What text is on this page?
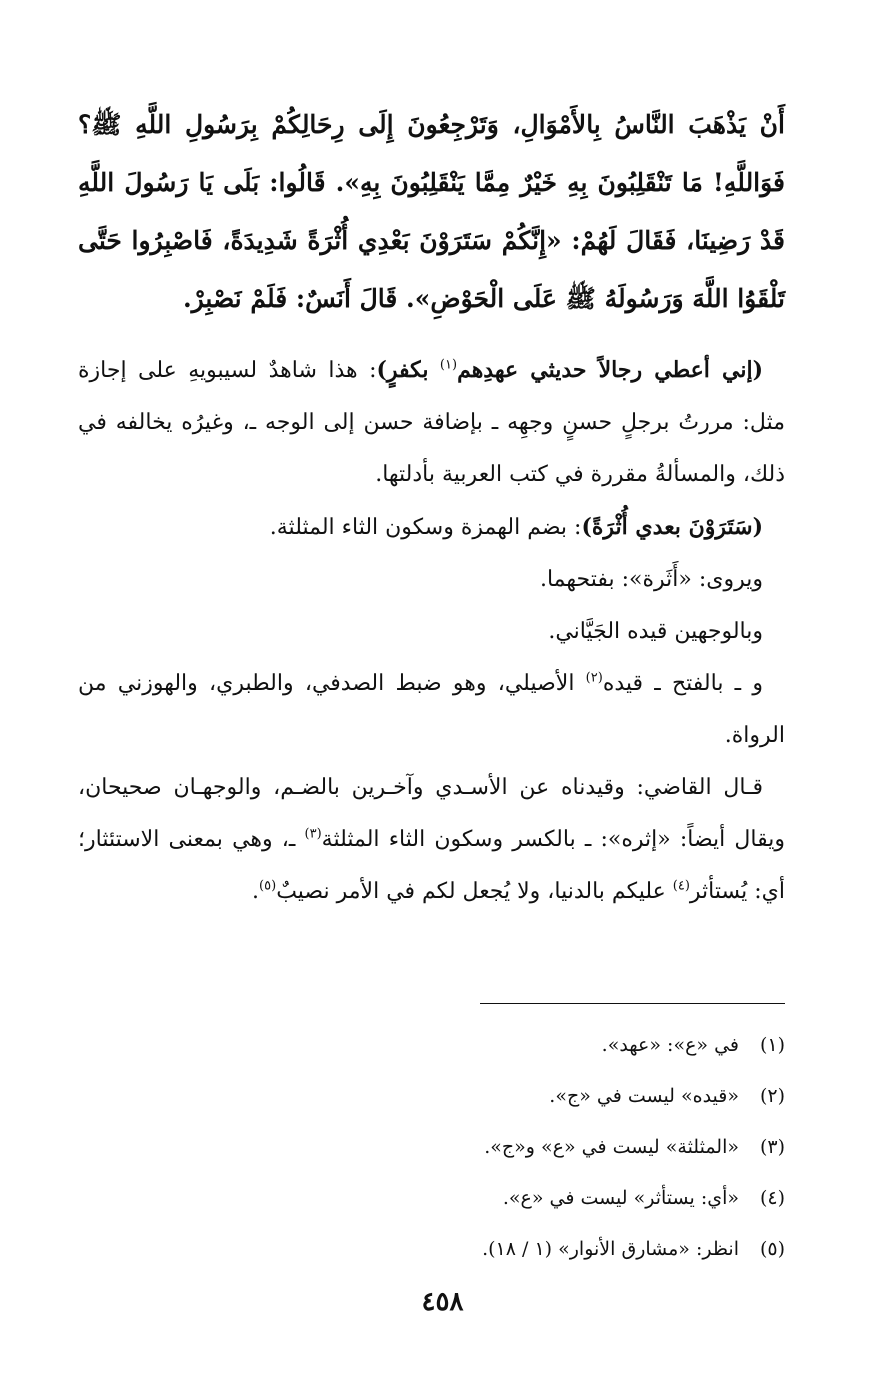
أَنْ يَذْهَبَ النَّاسُ بِالأَمْوَالِ، وَتَرْجِعُونَ إِلَى رِحَالِكُمْ بِرَسُولِ اللَّهِ ﷺ؟ فَوَاللَّهِ! مَا تَنْقَلِبُونَ بِهِ خَيْرٌ مِمَّا يَنْقَلِبُونَ بِهِ». قَالُوا: بَلَى يَا رَسُولَ اللَّهِ قَدْ رَضِينَا، فَقَالَ لَهُمْ: «إِنَّكُمْ سَتَرَوْنَ بَعْدِي أُثْرَةً شَدِيدَةً، فَاصْبِرُوا حَتَّى تَلْقَوُا اللَّهَ وَرَسُولَهُ ﷺ عَلَى الْحَوْضِ». قَالَ أَنَسٌ: فَلَمْ نَصْبِرْ.

(إني أعطي رجالاً حديثي عهدِهم$^{(١)}$ بكفرٍ): هذا شاهدٌ لسيبويهِ على إجازة مثل: مررتُ برجلٍ حسنٍ وجهِه ـ بإضافة حسن إلى الوجه ـ، وغيرُه يخالفه في ذلك، والمسألةُ مقررة في كتب العربية بأدلتها.

(سَتَرَوْنَ بعدي أُثْرَةً): بضم الهمزة وسكون الثاء المثلثة.

ويروى: «أَثَرة»: بفتحهما.

وبالوجهين قيده الجَيَّاني.

و ـ بالفتح ـ قيده$^{(٢)}$ الأصيلي، وهو ضبط الصدفي، والطبري، والهوزني من الرواة.

قـال القاضي: وقيدناه عن الأسـدي وآخـرين بالضـم، والوجهـان صحيحان، ويقال أيضاً: «إثره»: ـ بالكسر وسكون الثاء المثلثة$^{(٣)}$ ـ، وهي بمعنى الاستئثار؛ أي: يُستأثر$^{(٤)}$ عليكم بالدنيا، ولا يُجعل لكم في الأمر نصيبٌ$^{(٥)}$.

(١)في «ع»: «عهد».
(٢)«قيده» ليست في «ج».
(٣)«المثلثة» ليست في «ع» و«ج».
(٤)«أي: يستأثر» ليست في «ع».
(٥)انظر: «مشارق الأنوار» (١ / ١٨).
٤٥٨
